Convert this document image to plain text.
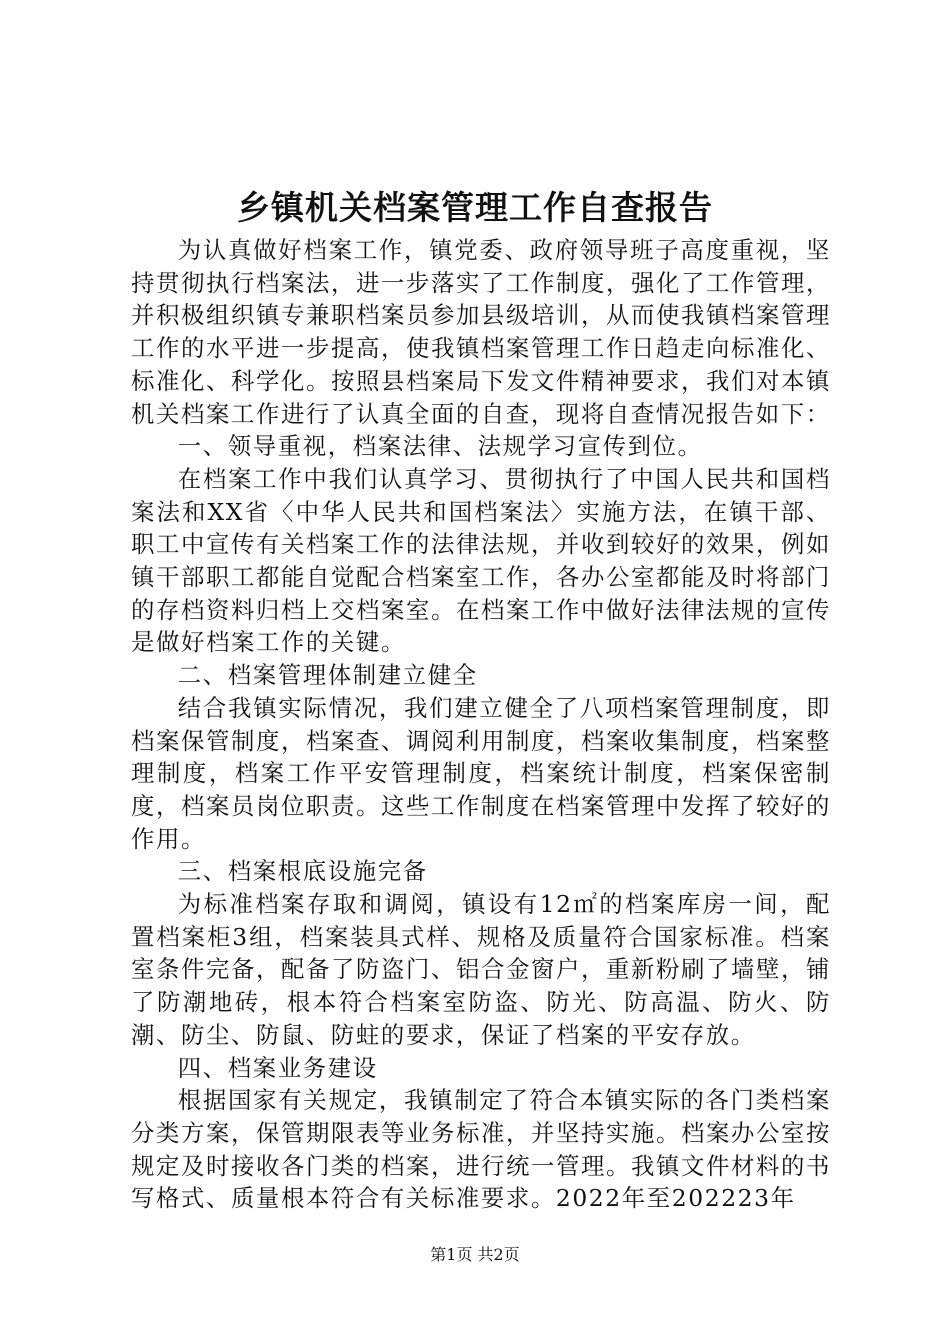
乡镇机关档案管理工作自查报告

为认真做好档案工作，镇党委、政府领导班子高度重视，坚持贯彻执行档案法，进一步落实了工作制度，强化了工作管理，并积极组织镇专兼职档案员参加县级培训，从而使我镇档案管理工作的水平进一步提高，使我镇档案管理工作日趋走向标准化、标准化、科学化。按照县档案局下发文件精神要求，我们对本镇机关档案工作进行了认真全面的自查，现将自查情况报告如下：

一、领导重视，档案法律、法规学习宣传到位。

在档案工作中我们认真学习、贯彻执行了中国人民共和国档案法和XX省〈中华人民共和国档案法〉实施方法，在镇干部、职工中宣传有关档案工作的法律法规，并收到较好的效果，例如镇干部职工都能自觉配合档案室工作，各办公室都能及时将部门的存档资料归档上交档案室。在档案工作中做好法律法规的宣传是做好档案工作的关键。

二、档案管理体制建立健全

结合我镇实际情况，我们建立健全了八项档案管理制度，即档案保管制度，档案查、调阅利用制度，档案收集制度，档案整理制度，档案工作平安管理制度，档案统计制度，档案保密制度，档案员岗位职责。这些工作制度在档案管理中发挥了较好的作用。

三、档案根底设施完备

为标准档案存取和调阅，镇设有12㎡的档案库房一间，配置档案柜3组，档案装具式样、规格及质量符合国家标准。档案室条件完备，配备了防盗门、铝合金窗户，重新粉刷了墙壁，铺了防潮地砖，根本符合档案室防盗、防光、防高温、防火、防潮、防尘、防鼠、防蛀的要求，保证了档案的平安存放。

四、档案业务建设

根据国家有关规定，我镇制定了符合本镇实际的各门类档案分类方案，保管期限表等业务标准，并坚持实施。档案办公室按规定及时接收各门类的档案，进行统一管理。我镇文件材料的书写格式、质量根本符合有关标准要求。2022年至202223年

第1页 共2页
